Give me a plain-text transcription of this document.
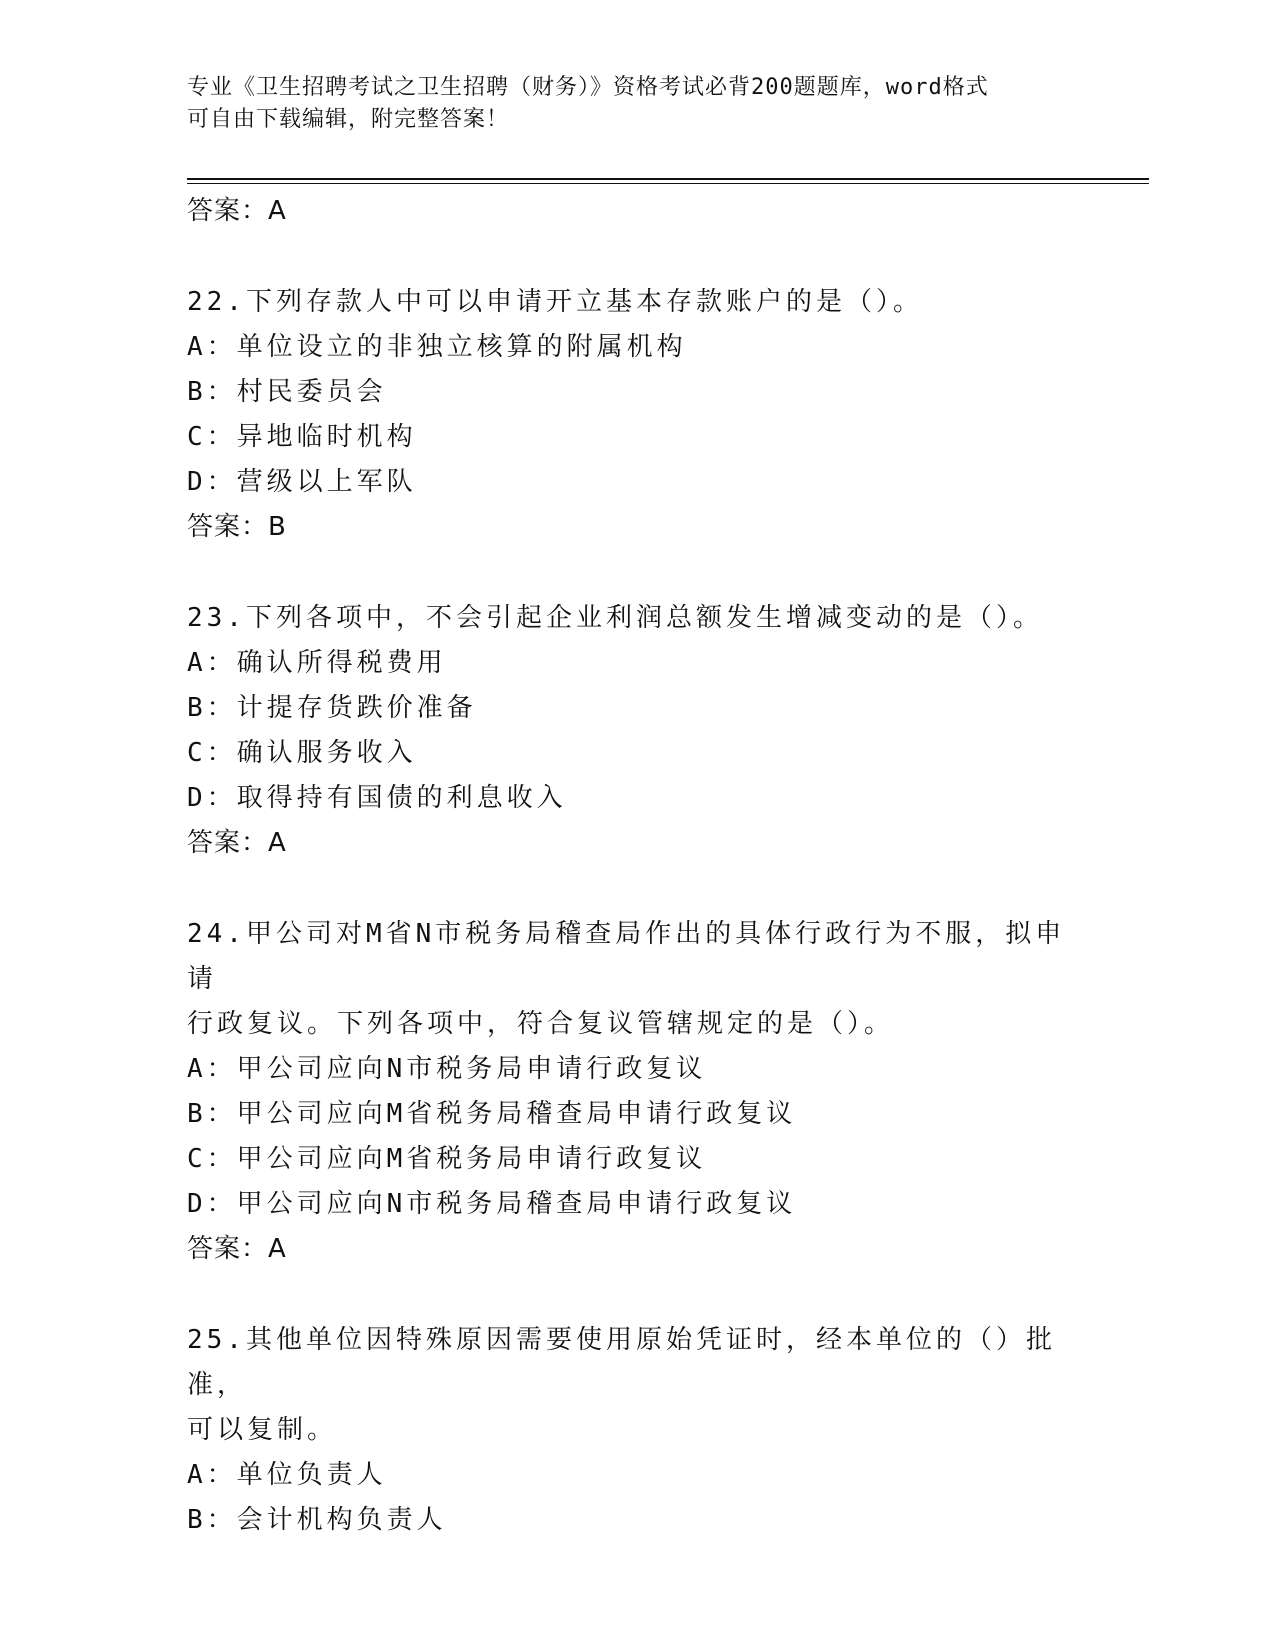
专业《卫生招聘考试之卫生招聘（财务）》资格考试必背200题题库，word格式
可自由下载编辑，附完整答案！
答案：A
22.下列存款人中可以申请开立基本存款账户的是（）。
A：单位设立的非独立核算的附属机构
B：村民委员会
C：异地临时机构
D：营级以上军队
答案：B
23.下列各项中，不会引起企业利润总额发生增减变动的是（）。
A：确认所得税费用
B：计提存货跌价准备
C：确认服务收入
D：取得持有国债的利息收入
答案：A
24.甲公司对M省N市税务局稽查局作出的具体行政行为不服，拟申请
行政复议。下列各项中，符合复议管辖规定的是（）。
A：甲公司应向N市税务局申请行政复议
B：甲公司应向M省税务局稽查局申请行政复议
C：甲公司应向M省税务局申请行政复议
D：甲公司应向N市税务局稽查局申请行政复议
答案：A
25.其他单位因特殊原因需要使用原始凭证时，经本单位的（）批准，
可以复制。
A：单位负责人
B：会计机构负责人
